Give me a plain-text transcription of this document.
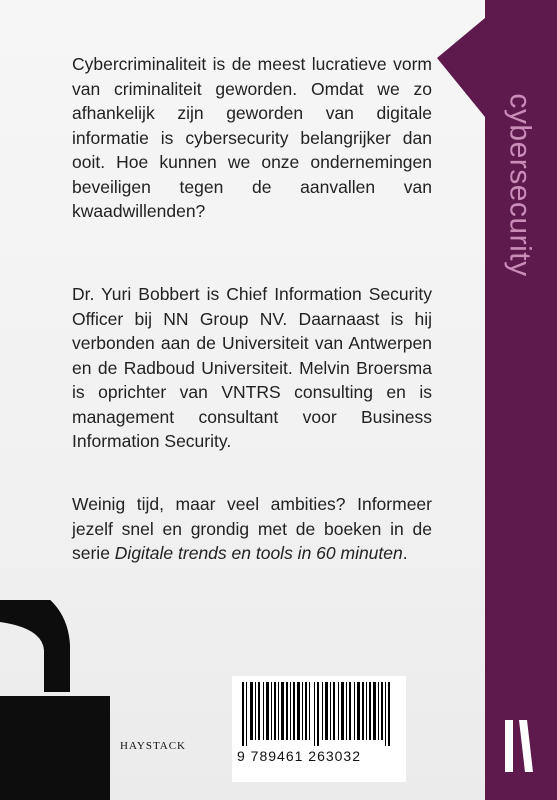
cybersecurity
Cybercriminaliteit is de meest lucratieve vorm van criminaliteit geworden. Omdat we zo afhankelijk zijn geworden van digitale informatie is cybersecurity belangrijker dan ooit. Hoe kunnen we onze ondernemingen beveiligen tegen de aanvallen van kwaadwillenden?
Dr. Yuri Bobbert is Chief Information Security Officer bij NN Group NV. Daarnaast is hij verbonden aan de Universiteit van Antwerpen en de Radboud Universiteit. Melvin Broersma is oprichter van VNTRS consulting en is management consultant voor Business Information Security.
Weinig tijd, maar veel ambities? Informeer jezelf snel en grondig met de boeken in de serie Digitale trends en tools in 60 minuten.
HAYSTACK
9 789461 263032
